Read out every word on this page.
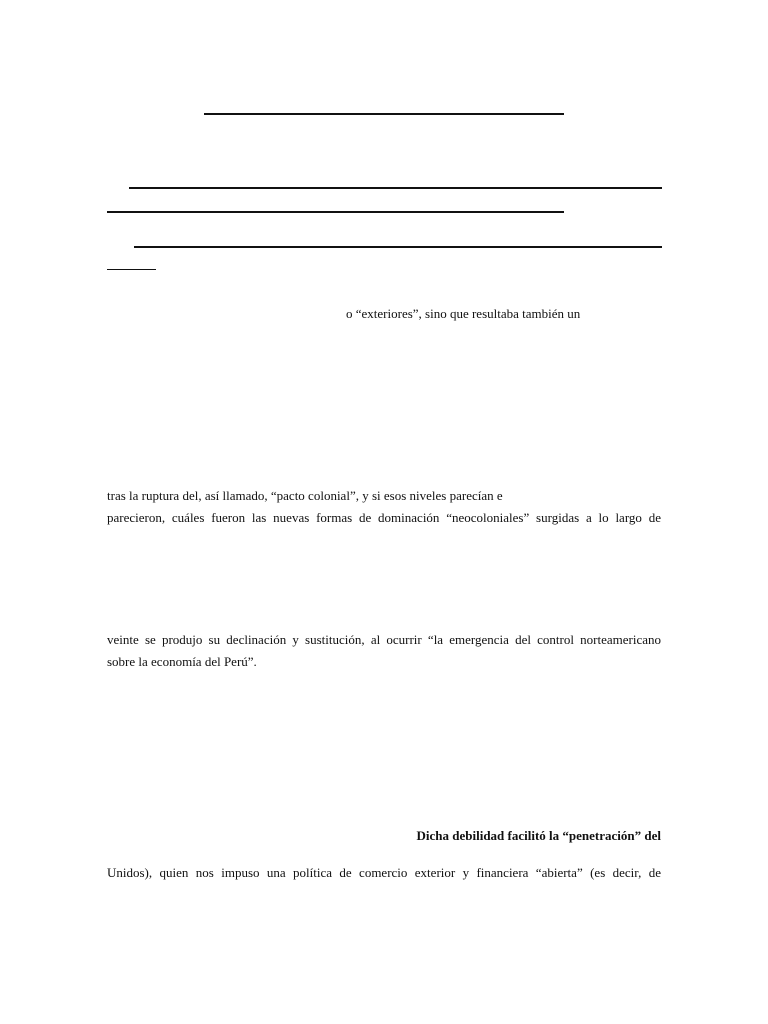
o “exteriores”, sino que resultaba también un
tras la ruptura del, así llamado, “pacto colonial”, y si esos niveles parecían e
parecieron, cuáles fueron las nuevas formas de dominación “neocoloniales” surgidas a lo largo de
veinte se produjo su declinación y sustitución, al ocurrir “la emergencia del control norteamericano
sobre la economía del Perú”.
Dicha debilidad facilitó la “penetración” del
Unidos), quien nos impuso una política de comercio exterior y financiera “abierta” (es decir, de
